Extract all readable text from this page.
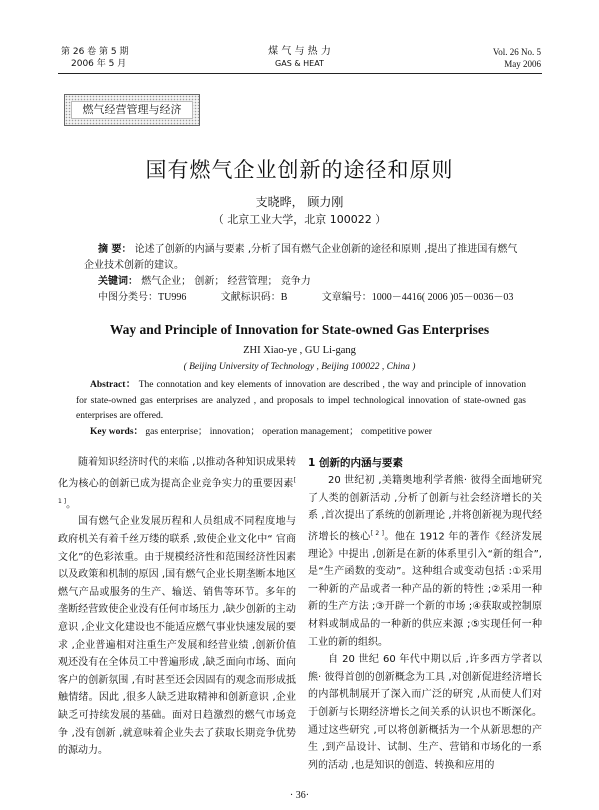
第 26 卷 第 5 期
2006 年 5 月
煤 气 与 热 力
GAS & HEAT
Vol. 26 No. 5
May 2006
燃气经营管理与经济
国有燃气企业创新的途径和原则
支晓晔， 顾力刚
（ 北京工业大学，北京 100022 ）
摘 要： 论述了创新的内涵与要素 ,分析了国有燃气企业创新的途径和原则 ,提出了推进国有燃气企业技术创新的建议。
关键词： 燃气企业； 创新； 经营管理； 竞争力
中图分类号：TU996	文献标识码：B	文章编号：1000－4416( 2006 )05－0036－03
Way and Principle of Innovation for State-owned Gas Enterprises
ZHI Xiao-ye , GU Li-gang
( Beijing University of Technology , Beijing 100022 , China )
Abstract： The connotation and key elements of innovation are described , the way and principle of innovation for state-owned gas enterprises are analyzed , and proposals to impel technological innovation of state-owned gas enterprises are offered.
Key words： gas enterprise； innovation； operation management； competitive power

随着知识经济时代的来临 ,以推动各种知识成果转化为核心的创新已成为提高企业竞争实力的重要因素[ 1 ]。

国有燃气企业发展历程和人员组成不同程度地与政府机关有着千丝万缕的联系 ,致使企业文化中“ 官商文化”的色彩浓重。由于规模经济性和范围经济性因素以及政策和机制的原因 ,国有燃气企业长期垄断本地区燃气产品或服务的生产、输送、销售等环节。多年的垄断经营致使企业没有任何市场压力 ,缺少创新的主动意识 ,企业文化建设也不能适应燃气事业快速发展的要求 ,企业普遍相对注重生产发展和经营业绩 ,创新价值观还没有在全体员工中普遍形成 ,缺乏面向市场、面向客户的创新氛围 ,有时甚至还会因固有的观念而形成抵触情绪。因此 ,很多人缺乏进取精神和创新意识 ,企业缺乏可持续发展的基础。面对日趋激烈的燃气市场竞争 ,没有创新 ,就意味着企业失去了获取长期竞争优势的源动力。

1 创新的内涵与要素

20 世纪初 ,美籍奥地利学者熊· 彼得全面地研究了人类的创新活动 ,分析了创新与社会经济增长的关系 ,首次提出了系统的创新理论 ,并将创新视为现代经济增长的核心[ 2 ]。他在 1912 年的著作《经济发展理论》中提出 ,创新是在新的体系里引入“新的组合”,是“生产函数的变动”。这种组合或变动包括 :①采用一种新的产品或者一种产品的新的特性 ;②采用一种新的生产方法 ;③开辟一个新的市场 ;④获取或控制原材料或制成品的一种新的供应来源 ;⑤实现任何一种工业的新的组织。

自 20 世纪 60 年代中期以后 ,许多西方学者以熊· 彼得首创的创新概念为工具 ,对创新促进经济增长的内部机制展开了深入而广泛的研究 ,从而使人们对于创新与长期经济增长之间关系的认识也不断深化。通过这些研究 ,可以将创新概括为一个从新思想的产生 ,到产品设计、试制、生产、营销和市场化的一系列的活动 ,也是知识的创造、转换和应用的

· 36·
